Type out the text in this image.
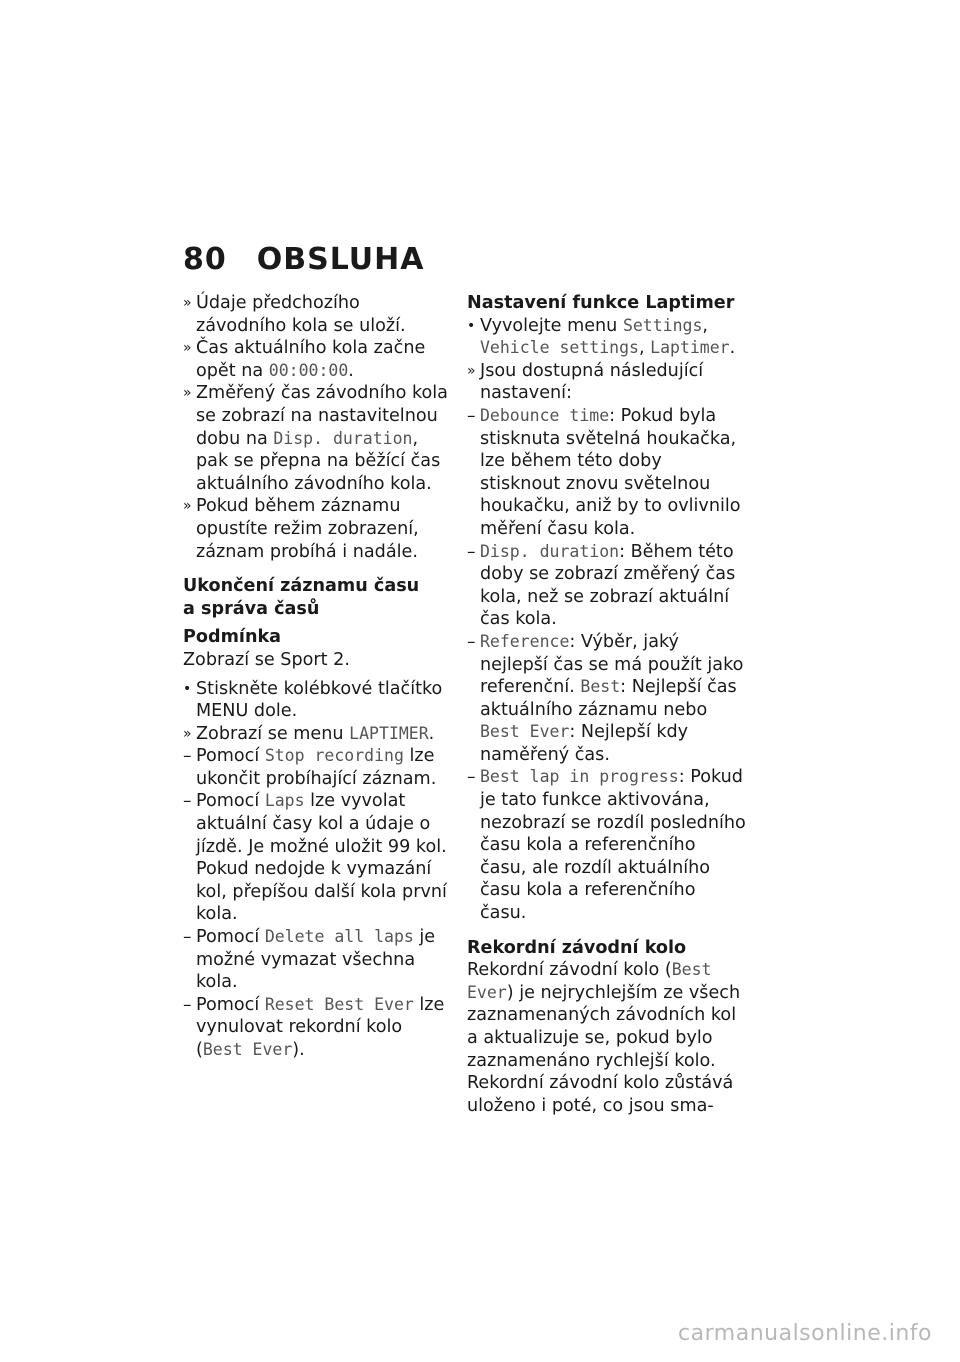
80 OBSLUHA

» Údaje předchozího závodního kola se uloží.

» Čas aktuálního kola začne opět na 00:00:00.

» Změřený čas závodního kola se zobrazí na nastavitelnou dobu na Disp. duration, pak se přepna na běžící čas aktuálního závodního kola.

» Pokud během záznamu opustíte režim zobrazení, záznam probíhá i nadále.

Ukončení záznamu času

a správa časů

Podmínka

Zobrazí se Sport 2.

• Stiskněte kolébkové tlačítko MENU dole.

» Zobrazí se menu LAPTIMER.

– Pomocí Stop recording lze ukončit probíhající záznam.

– Pomocí Laps lze vyvolat aktuální časy kol a údaje o jízdě. Je možné uložit 99 kol. Pokud nedojde k vymazání kol, přepíšou další kola první kola.

– Pomocí Delete all laps je možné vymazat všechna kola.

– Pomocí Reset Best Ever lze vynulovat rekordní kolo (Best Ever).

Nastavení funkce Laptimer

• Vyvolejte menu Settings, Vehicle settings, Laptimer.

» Jsou dostupná následující nastavení:

– Debounce time: Pokud byla stisknuta světelná houkačka, lze během této doby stisknout znovu světelnou houkačku, aniž by to ovlivnilo měření času kola.

– Disp. duration: Během této doby se zobrazí změřený čas kola, než se zobrazí aktuální čas kola.

– Reference: Výběr, jaký nejlepší čas se má použít jako referenční. Best: Nejlepší čas aktuálního záznamu nebo Best Ever: Nejlepší kdy naměřený čas.

– Best lap in progress: Pokud je tato funkce aktivována, nezobrazí se rozdíl posledního času kola a referenčního času, ale rozdíl aktuálního času kola a referenčního času.

Rekordní závodní kolo

Rekordní závodní kolo (Best Ever) je nejrychlejším ze všech zaznamenaných závodních kol a aktualizuje se, pokud bylo zaznamenáno rychlejší kolo. Rekordní závodní kolo zůstává uloženo i poté, co jsou sma-

carmanualsonline.info
